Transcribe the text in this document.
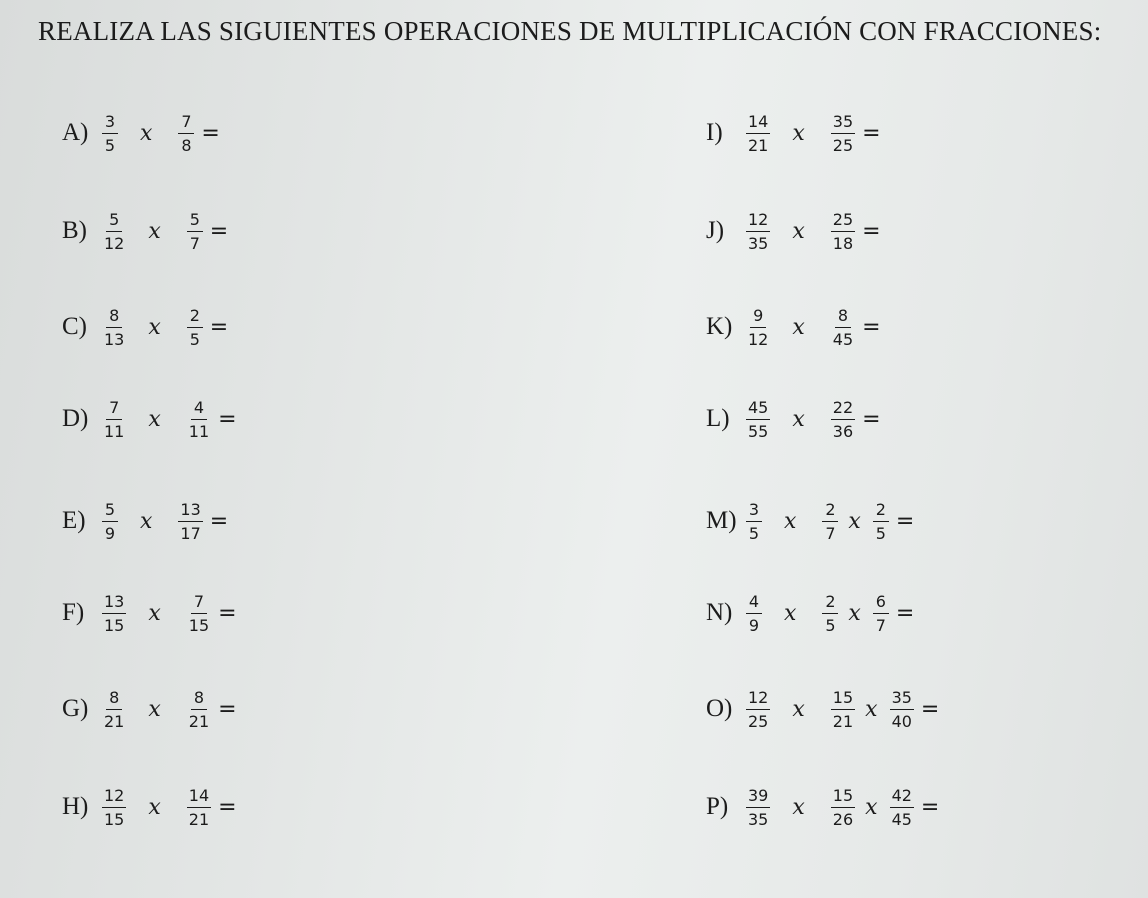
REALIZA LAS SIGUIENTES OPERACIONES DE MULTIPLICACIÓN CON FRACCIONES:
$A) \frac{3}{5}$ x $\frac{7}{8}$ =
$B) \frac{5}{12}$ x $\frac{5}{7}$ =
$C) \frac{8}{13}$ x $\frac{2}{5}$ =
$D) \frac{7}{11}$ x $\frac{4}{11}$ =
E)	$\frac{5}{9}$ x $\frac{13}{17}$ =
F)	$\frac{13}{15}$ x $\frac{7}{15}$ =
$G) \frac{8}{21}$ x $\frac{8}{21}$ =
$H) \frac{12}{15}$ x $\frac{14}{21}$ =
I)	$\frac{14}{21}$ x $\frac{35}{25}$ =
J)	$\frac{12}{35}$ x $\frac{25}{18}$ =
$K) \frac{9}{12}$ x $\frac{8}{45}$ =
L)	$\frac{45}{55}$ x $\frac{22}{36}$ =
$M) \frac{3}{5}$ x $\frac{2}{7}$ x $\frac{2}{5}$ =
$N) \frac{4}{9}$ x $\frac{2}{5}$ x $\frac{6}{7}$ =
$O) \frac{12}{25}$ x $\frac{15}{21}$ x $\frac{35}{40}$ =
P)	$\frac{39}{35}$ x $\frac{15}{26}$ x $\frac{42}{45}$ =
